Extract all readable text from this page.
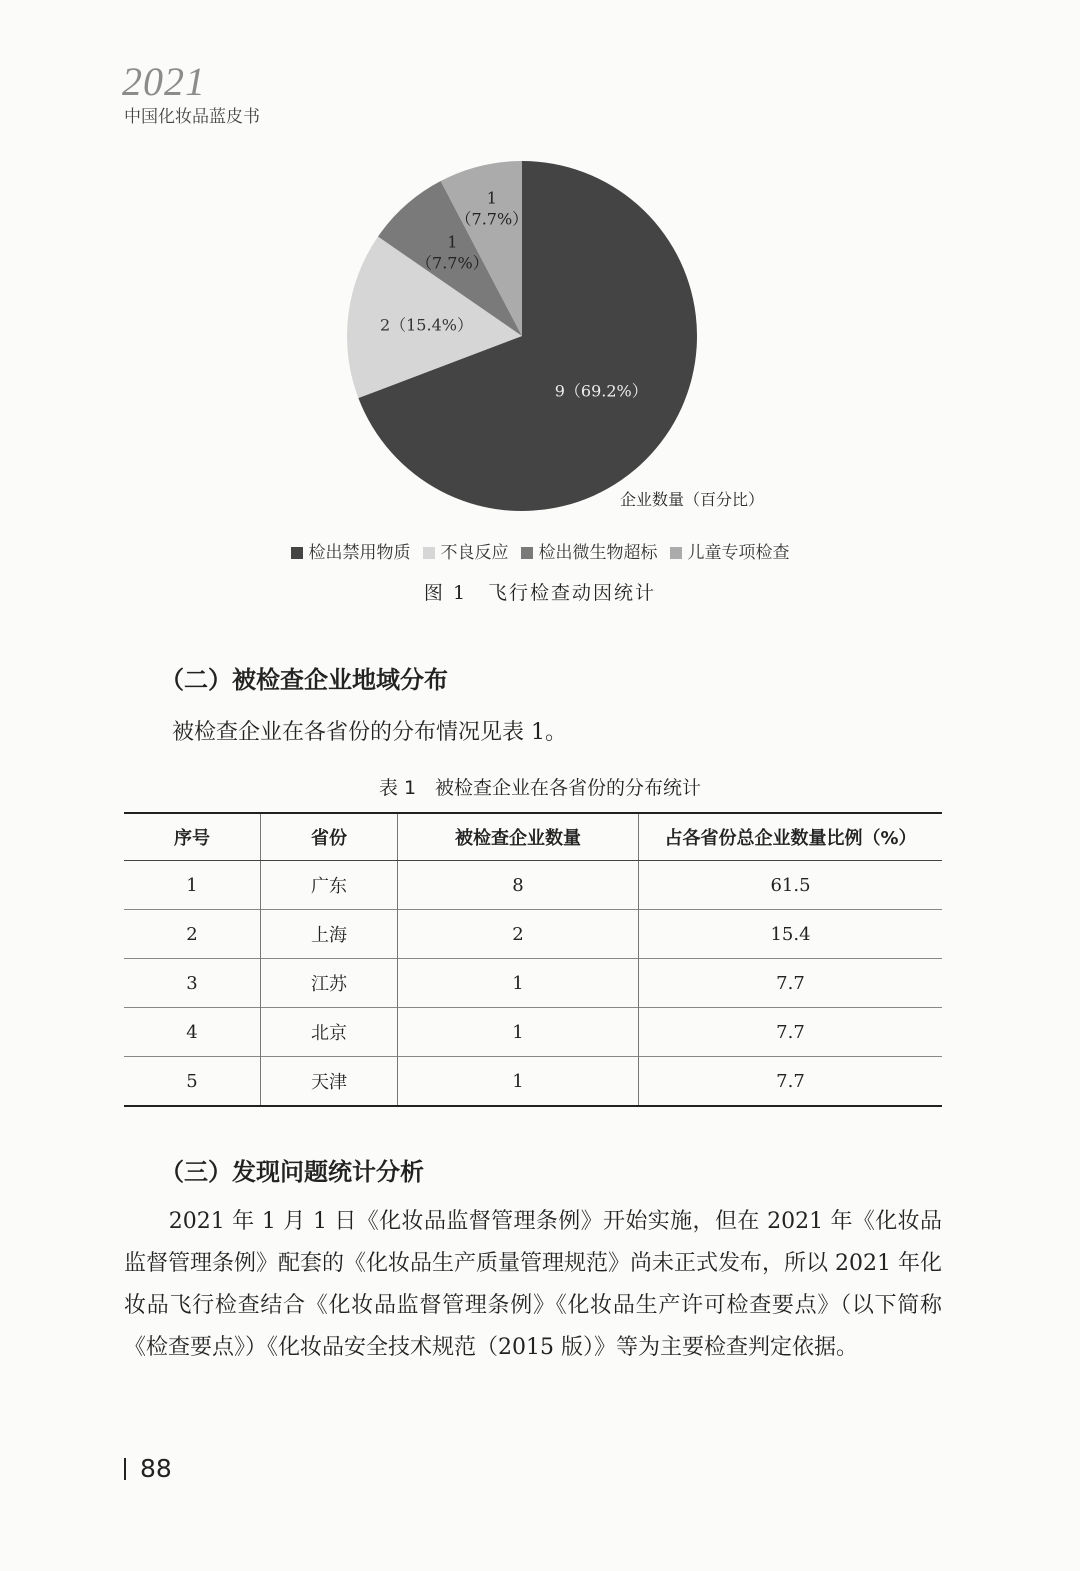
2021
中国化妆品蓝皮书
9（69.2%）
2（15.4%）
1 （7.7%）
1 （7.7%）
企业数量（百分比）
检出禁用物质 不良反应 检出微生物超标 儿童专项检查
图 1　飞行检查动因统计
（二）被检查企业地域分布
被检查企业在各省份的分布情况见表 1。
表 1　被检查企业在各省份的分布统计
序号	省份	被检查企业数量	占各省份总企业数量比例（%）
1	广东	8	61.5
2	上海	2	15.4
3	江苏	1	7.7
4	北京	1	7.7
5	天津	1	7.7
（三）发现问题统计分析
　　2021 年 1 月 1 日《化妆品监督管理条例》开始实施，但在 2021 年《化妆品监督管理条例》配套的《化妆品生产质量管理规范》尚未正式发布，所以 2021 年化妆品飞行检查结合《化妆品监督管理条例》《化妆品生产许可检查要点》（以下简称《检查要点》）《化妆品安全技术规范（2015 版）》等为主要检查判定依据。
88
